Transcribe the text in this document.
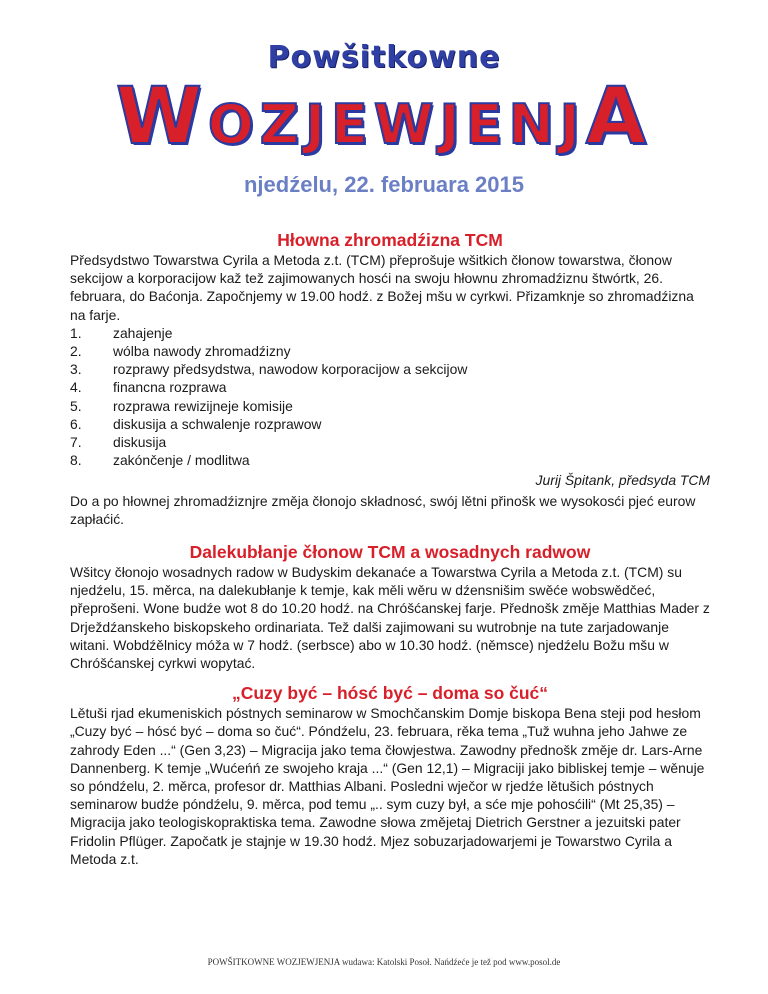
Powšitkowne
WOZJEWJENJA
njedźelu, 22. februara 2015
Hłowna zhromadźizna TCM

Předsydstwo Towarstwa Cyrila a Metoda z.t. (TCM) přeprošuje wšitkich čłonow towarstwa, čłonow sekcijow a korporacijow kaž tež zajimowanych hosći na swoju hłownu zhromadźiznu štwórtk, 26. februara, do Baćonja. Započnjemy w 19.00 hodź. z Božej mšu w cyrkwi. Přizamknje so zhromadźizna na farje.

1.	zahajenje
2.	wólba nawody zhromadźizny
3.	rozprawy předsydstwa, nawodow korporacijow a sekcijow
4.	financna rozprawa
5.	rozprawa rewizijneje komisije
6.	diskusija a schwalenje rozprawow
7.	diskusija
8.	zakónčenje / modlitwa

Jurij Špitank, předsyda TCM

Do a po hłownej zhromadźiznjre změja čłonojo składnosć, swój lětni přinošk we wysokosći pjeć eurow zapłaćić.

Dalekubłanje čłonow TCM a wosadnych radwow

Wšitcy čłonojo wosadnych radow w Budyskim dekanaće a Towarstwa Cyrila a Metoda z.t. (TCM) su njedźelu, 15. měrca, na dalekubłanje k temje, kak měli wěru w dźensnišim swěće wobswědčeć, přeprošeni. Wone budźe wot 8 do 10.20 hodź. na Chróšćanskej farje. Přednošk změje Matthias Mader z Drježdźanskeho biskopskeho ordinariata. Tež dalši zajimowani su wutrobnje na tute zarjadowanje witani. Wobdźělnicy móža w 7 hodź. (serbsce) abo w 10.30 hodź. (němsce) njedźelu Božu mšu w Chróšćanskej cyrkwi wopytać.

„Cuzy być – hósć być – doma so čuć“

Lětuši rjad ekumeniskich póstnych seminarow w Smochčanskim Domje biskopa Bena steji pod hesłom „Cuzy być – hósć być – doma so čuć“. Póndźelu, 23. februara, rěka tema „Tuž wuhna jeho Jahwe ze zahrody Eden ...“ (Gen 3,23) – Migracija jako tema čłowjestwa. Zawodny přednošk změje dr. Lars-Arne Dannenberg. K temje „Wućeńń ze swojeho kraja ...“ (Gen 12,1) – Migraciji jako bibliskej temje – wěnuje so póndźelu, 2. měrca, profesor dr. Matthias Albani. Posledni wječor w rjedźe lětušich póstnych seminarow budźe póndźelu, 9. měrca, pod temu „.. sym cuzy był, a sće mje pohosćili“ (Mt 25,35) – Migracija jako teologiskopraktiska tema. Zawodne słowa změjetaj Dietrich Gerstner a jezuitski pater Fridolin Pflüger. Započatk je stajnje w 19.30 hodź. Mjez sobuzarjadowarjemi je Towarstwo Cyrila a Metoda z.t.

POWŠITKOWNE WOZJEWJENJA wudawa: Katolski Posoł. Nańdźeće je tež pod www.posol.de
